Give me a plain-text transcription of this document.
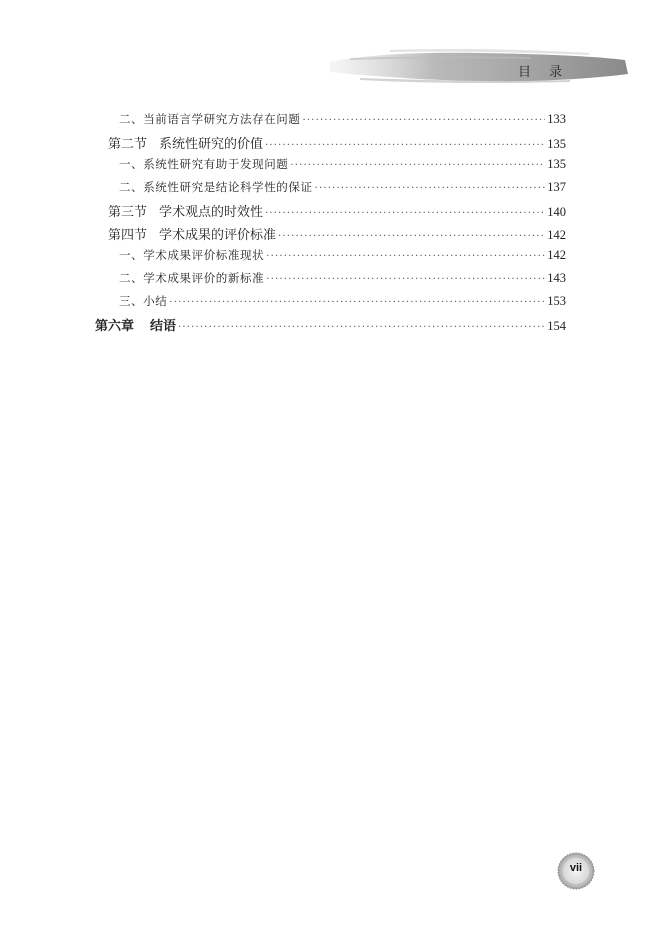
目 录
二、当前语言学研究方法存在问题 ·····	133
第二节 系统性研究的价值 ·····	135
一、系统性研究有助于发现问题 ·····	135
二、系统性研究是结论科学性的保证 ·····	137
第三节 学术观点的时效性 ·····	140
第四节 学术成果的评价标准 ·····	142
一、学术成果评价标准现状 ·····	142
二、学术成果评价的新标准 ·····	143
三、小结 ·····	153
第六章 结语 ·····	154
vii
